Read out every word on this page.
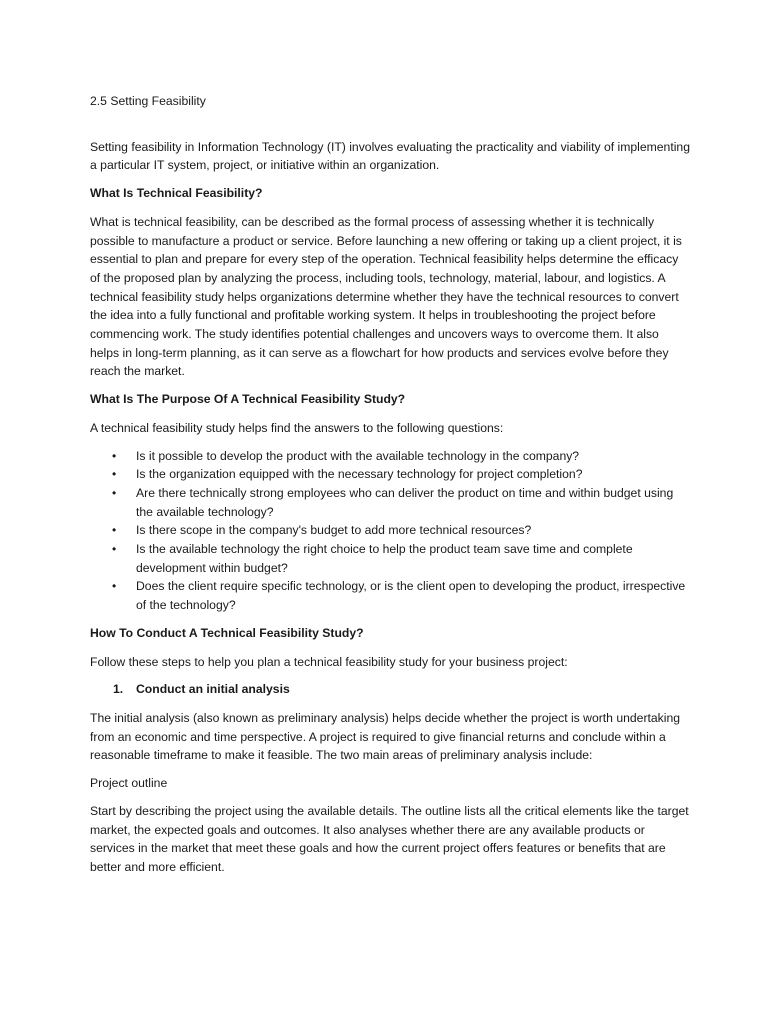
2.5 Setting Feasibility

Setting feasibility in Information Technology (IT) involves evaluating the practicality and viability of implementing a particular IT system, project, or initiative within an organization.

What Is Technical Feasibility?

What is technical feasibility, can be described as the formal process of assessing whether it is technically possible to manufacture a product or service. Before launching a new offering or taking up a client project, it is essential to plan and prepare for every step of the operation. Technical feasibility helps determine the efficacy of the proposed plan by analyzing the process, including tools, technology, material, labour, and logistics. A technical feasibility study helps organizations determine whether they have the technical resources to convert the idea into a fully functional and profitable working system. It helps in troubleshooting the project before commencing work. The study identifies potential challenges and uncovers ways to overcome them. It also helps in long-term planning, as it can serve as a flowchart for how products and services evolve before they reach the market.

What Is The Purpose Of A Technical Feasibility Study?

A technical feasibility study helps find the answers to the following questions:

• Is it possible to develop the product with the available technology in the company?
• Is the organization equipped with the necessary technology for project completion?
• Are there technically strong employees who can deliver the product on time and within budget using the available technology?
• Is there scope in the company's budget to add more technical resources?
• Is the available technology the right choice to help the product team save time and complete development within budget?
• Does the client require specific technology, or is the client open to developing the product, irrespective of the technology?
How To Conduct A Technical Feasibility Study?

Follow these steps to help you plan a technical feasibility study for your business project:

1. Conduct an initial analysis

The initial analysis (also known as preliminary analysis) helps decide whether the project is worth undertaking from an economic and time perspective. A project is required to give financial returns and conclude within a reasonable timeframe to make it feasible. The two main areas of preliminary analysis include:

Project outline

Start by describing the project using the available details. The outline lists all the critical elements like the target market, the expected goals and outcomes. It also analyses whether there are any available products or services in the market that meet these goals and how the current project offers features or benefits that are better and more efficient.
